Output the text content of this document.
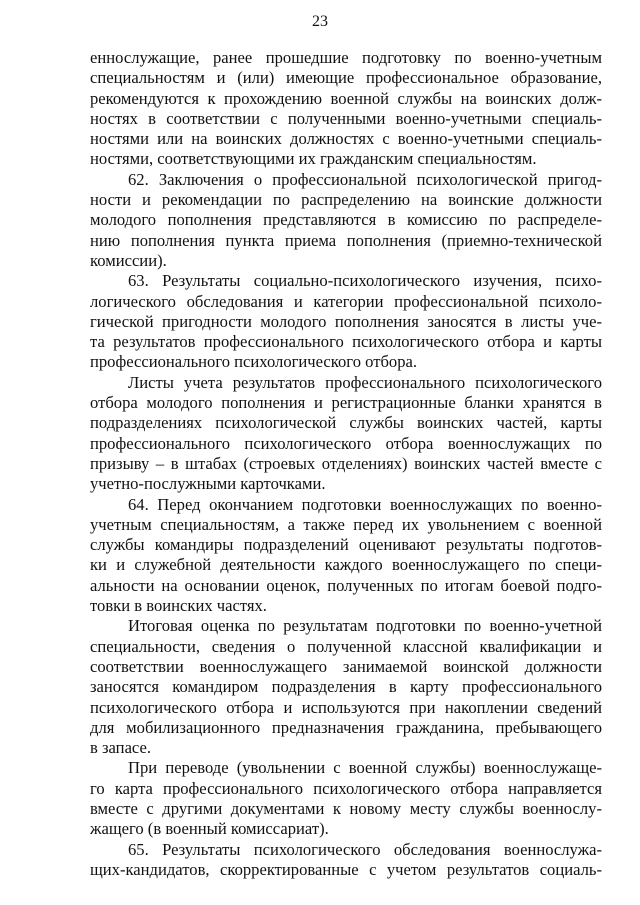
23
еннослужащие, ранее прошедшие подготовку по военно-учетным
специальностям и (или) имеющие профессиональное образование,
рекомендуются к прохождению военной службы на воинских долж-
ностях в соответствии с полученными военно-учетными специаль-
ностями или на воинских должностях с военно-учетными специаль-
ностями, соответствующими их гражданским специальностям.
62. Заключения о профессиональной психологической пригод-
ности и рекомендации по распределению на воинские должности
молодого пополнения представляются в комиссию по распределе-
нию пополнения пункта приема пополнения (приемно-технической
комиссии).
63. Результаты социально-психологического изучения, психо-
логического обследования и категории профессиональной психоло-
гической пригодности молодого пополнения заносятся в листы уче-
та результатов профессионального психологического отбора и карты
профессионального психологического отбора.
Листы учета результатов профессионального психологического
отбора молодого пополнения и регистрационные бланки хранятся в
подразделениях психологической службы воинских частей, карты
профессионального психологического отбора военнослужащих по
призыву – в штабах (строевых отделениях) воинских частей вместе с
учетно-послужными карточками.
64. Перед окончанием подготовки военнослужащих по военно-
учетным специальностям, а также перед их увольнением с военной
службы командиры подразделений оценивают результаты подготов-
ки и служебной деятельности каждого военнослужащего по специ-
альности на основании оценок, полученных по итогам боевой подго-
товки в воинских частях.
Итоговая оценка по результатам подготовки по военно-учетной
специальности, сведения о полученной классной квалификации и
соответствии военнослужащего занимаемой воинской должности
заносятся командиром подразделения в карту профессионального
психологического отбора и используются при накоплении сведений
для мобилизационного предназначения гражданина, пребывающего
в запасе.
При переводе (увольнении с военной службы) военнослужаще-
го карта профессионального психологического отбора направляется
вместе с другими документами к новому месту службы военнослу-
жащего (в военный комиссариат).
65. Результаты психологического обследования военнослужа-
щих-кандидатов, скорректированные с учетом результатов социаль-
